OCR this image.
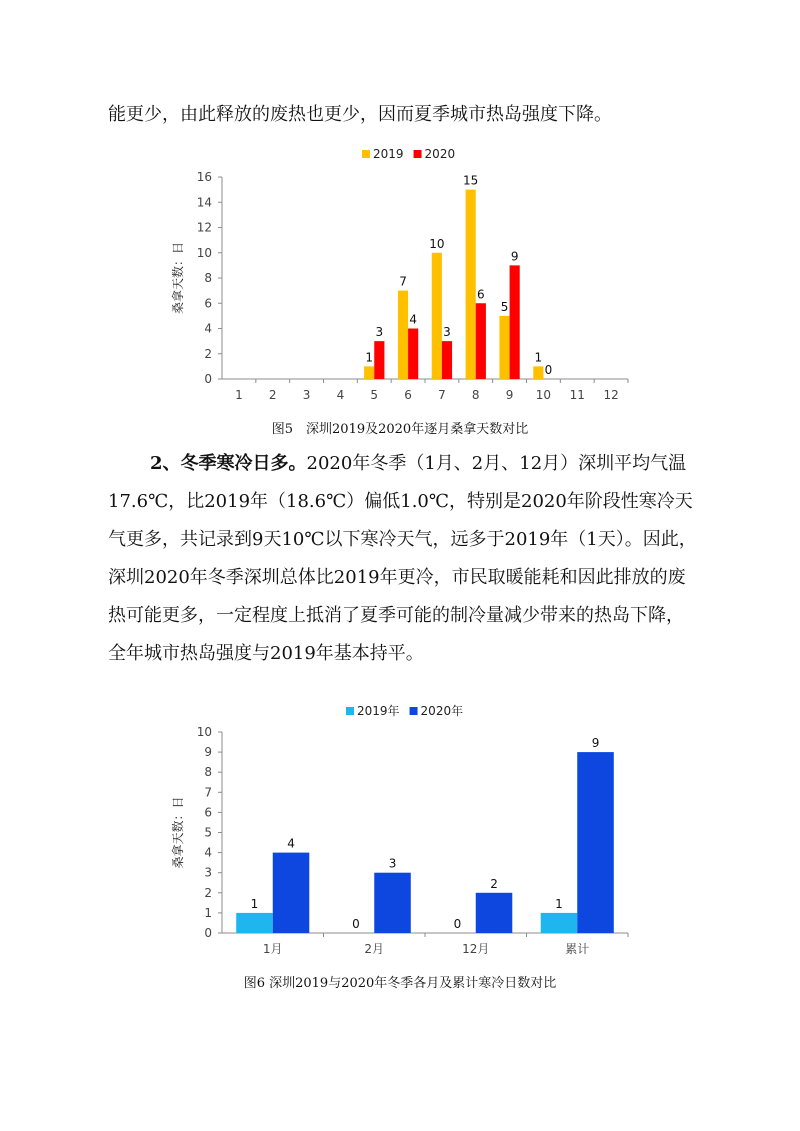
能更少，由此释放的废热也更少，因而夏季城市热岛强度下降。

2019 2020
0
2
4
6
8
10
12
14
16
桑拿天数：日
1 2 3 4 5 6 7 8 9 10 11 12
1
3
7
4
10
3
15
6
5
9
1
0

图5　深圳2019及2020年逐月桑拿天数对比

2、冬季寒冷日多。2020年冬季（1月、2月、12月）深圳平均气温17.6℃，比2019年（18.6℃）偏低1.0℃，特别是2020年阶段性寒冷天气更多，共记录到9天10℃以下寒冷天气，远多于2019年（1天）。因此，深圳2020年冬季深圳总体比2019年更冷，市民取暖能耗和因此排放的废热可能更多，一定程度上抵消了夏季可能的制冷量减少带来的热岛下降，全年城市热岛强度与2019年基本持平。

2019年 2020年
0
1
2
3
4
5
6
7
8
9
10
桑拿天数：日
1月	2月	12月	累计
1
4
0
3
0
2
1
9

图6 深圳2019与2020年冬季各月及累计寒冷日数对比
